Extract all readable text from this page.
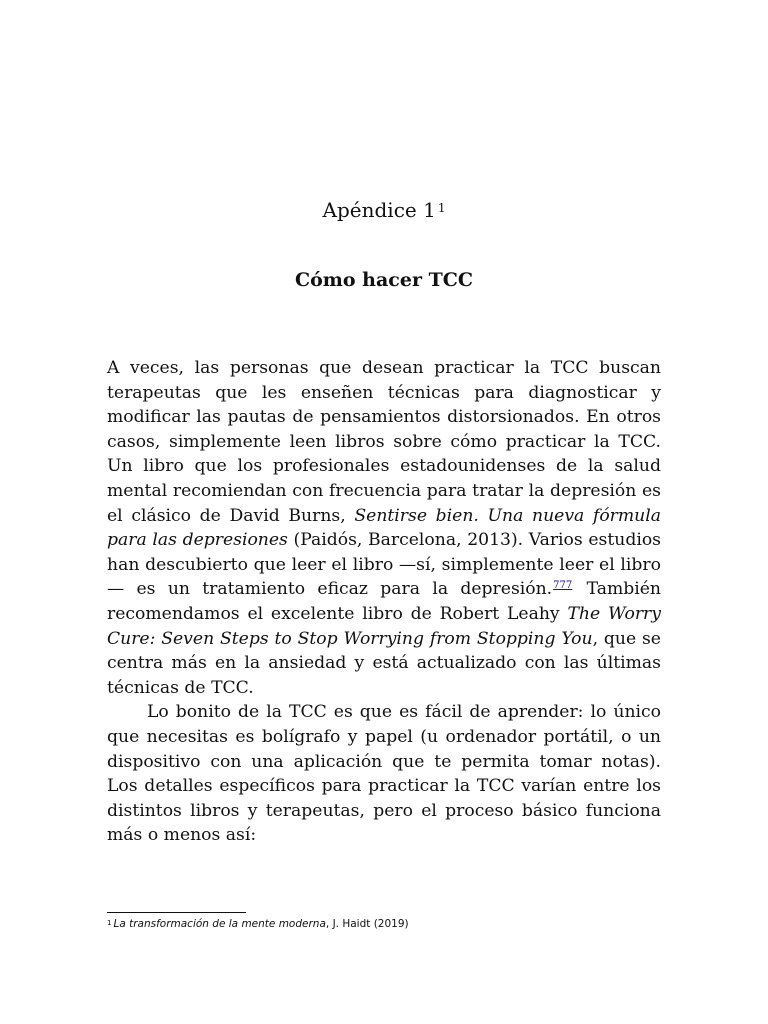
Apéndice 1 $^1$
Cómo hacer TCC

A veces, las personas que desean practicar la TCC buscan terapeutas que les enseñen técnicas para diagnosticar y modificar las pautas de pensamientos distorsionados. En otros casos, simplemente leen libros sobre cómo practicar la TCC. Un libro que los profesionales estadounidenses de la salud mental recomiendan con frecuencia para tratar la depresión es el clásico de David Burns, Sentirse bien. Una nueva fórmula para las depresiones (Paidós, Barcelona, 2013). Varios estudios han descubierto que leer el libro —sí, simplemente leer el libro— es un tratamiento eficaz para la depresión.$^{777}$ También recomendamos el excelente libro de Robert Leahy The Worry Cure: Seven Steps to Stop Worrying from Stopping You, que se centra más en la ansiedad y está actualizado con las últimas técnicas de TCC.

Lo bonito de la TCC es que es fácil de aprender: lo único que necesitas es bolígrafo y papel (u ordenador portátil, o un dispositivo con una aplicación que te permita tomar notas). Los detalles específicos para practicar la TCC varían entre los distintos libros y terapeutas, pero el proceso básico funciona más o menos así:

$^1$ La transformación de la mente moderna, J. Haidt (2019)
